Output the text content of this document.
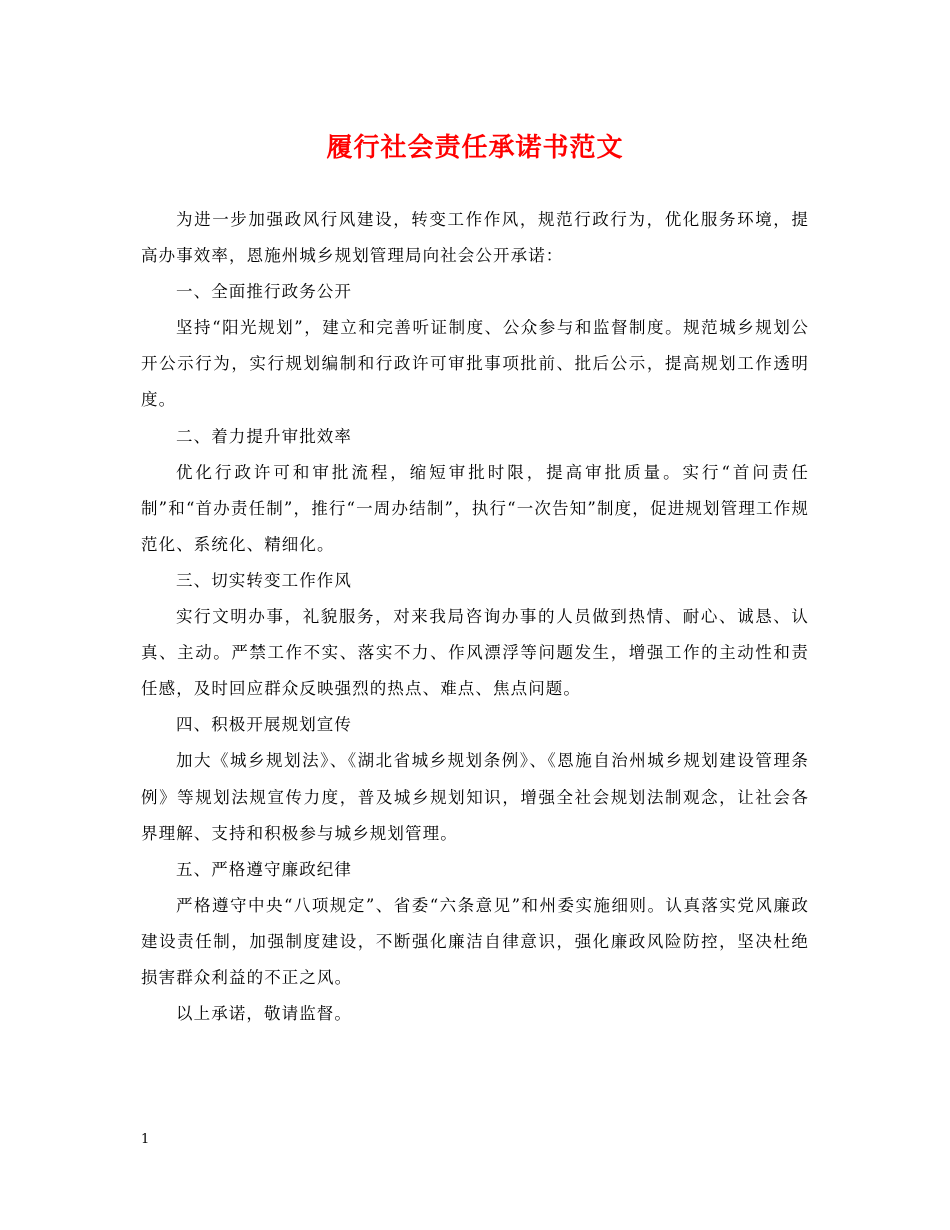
履行社会责任承诺书范文

为进一步加强政风行风建设，转变工作作风，规范行政行为，优化服务环境，提高办事效率，恩施州城乡规划管理局向社会公开承诺：

一、全面推行政务公开

坚持“阳光规划”，建立和完善听证制度、公众参与和监督制度。规范城乡规划公开公示行为，实行规划编制和行政许可审批事项批前、批后公示，提高规划工作透明度。

二、着力提升审批效率

优化行政许可和审批流程，缩短审批时限，提高审批质量。实行“首问责任制”和“首办责任制”，推行“一周办结制”，执行“一次告知”制度，促进规划管理工作规范化、系统化、精细化。

三、切实转变工作作风

实行文明办事，礼貌服务，对来我局咨询办事的人员做到热情、耐心、诚恳、认真、主动。严禁工作不实、落实不力、作风漂浮等问题发生，增强工作的主动性和责任感，及时回应群众反映强烈的热点、难点、焦点问题。

四、积极开展规划宣传

加大《城乡规划法》、《湖北省城乡规划条例》、《恩施自治州城乡规划建设管理条例》等规划法规宣传力度，普及城乡规划知识，增强全社会规划法制观念，让社会各界理解、支持和积极参与城乡规划管理。

五、严格遵守廉政纪律

严格遵守中央“八项规定”、省委“六条意见”和州委实施细则。认真落实党风廉政建设责任制，加强制度建设，不断强化廉洁自律意识，强化廉政风险防控，坚决杜绝损害群众利益的不正之风。

以上承诺，敬请监督。

1
